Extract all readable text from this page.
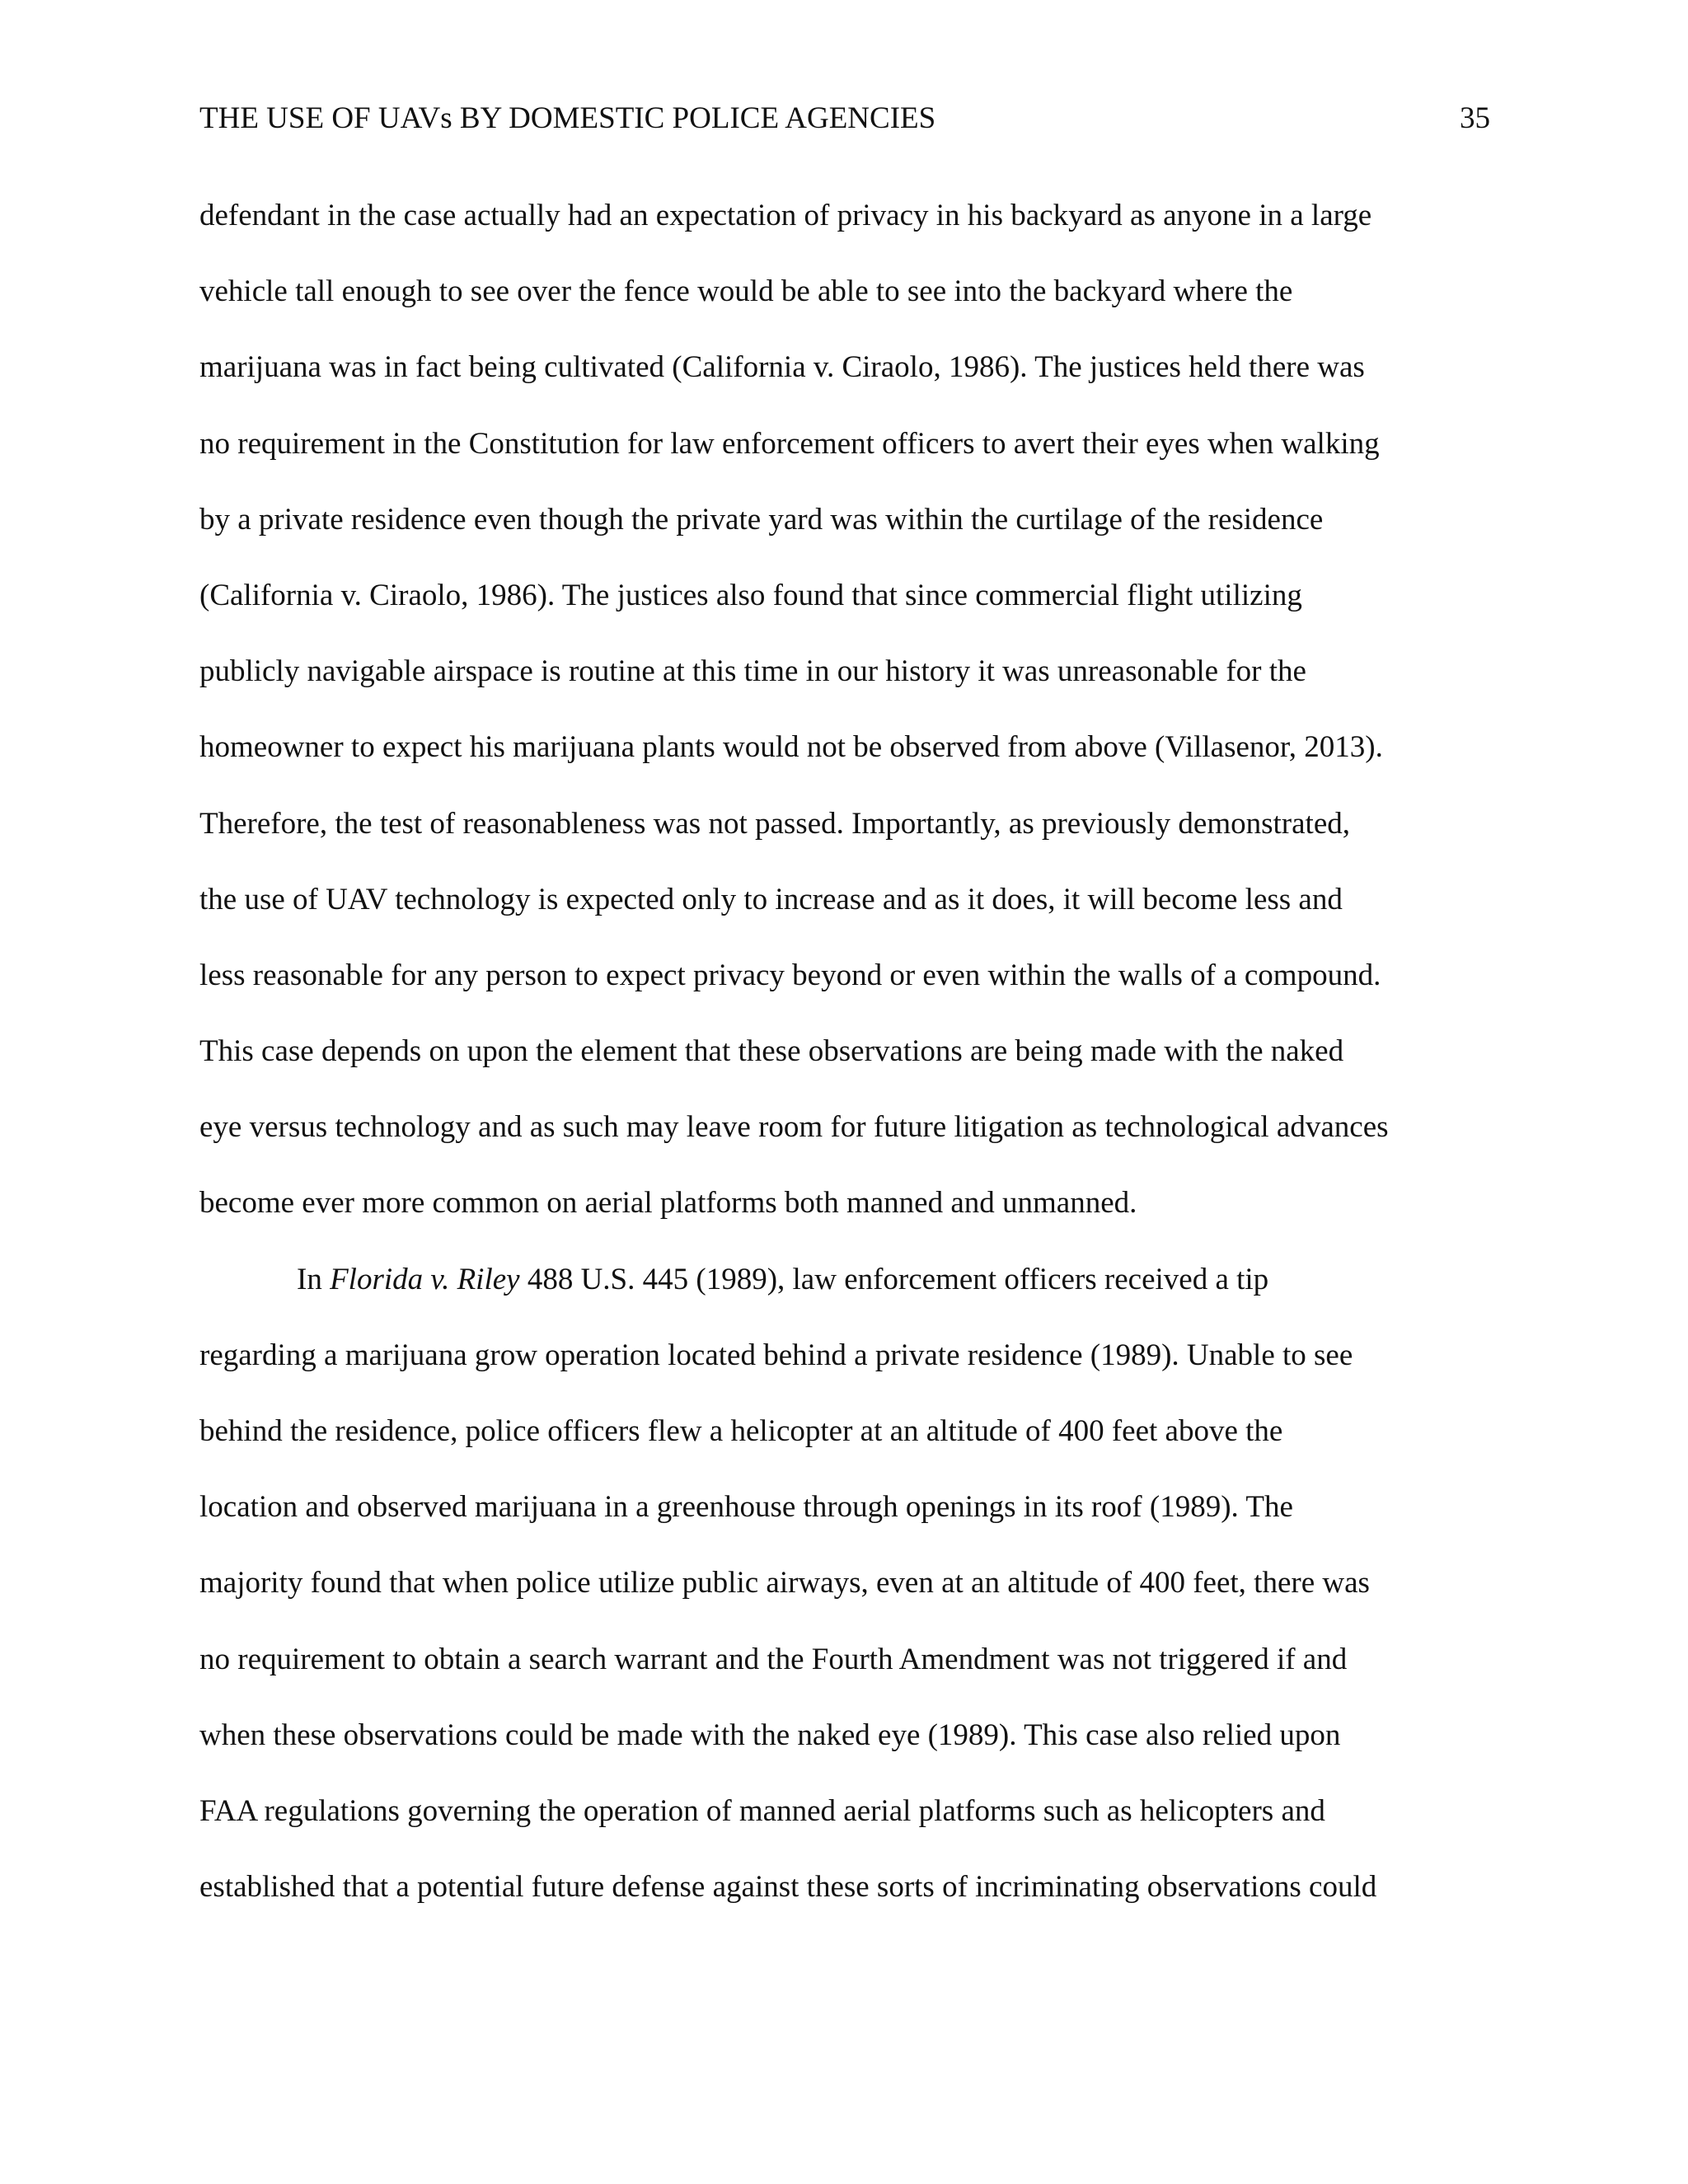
THE USE OF UAVs BY DOMESTIC POLICE AGENCIES	35
defendant in the case actually had an expectation of privacy in his backyard as anyone in a large
vehicle tall enough to see over the fence would be able to see into the backyard where the
marijuana was in fact being cultivated (California v. Ciraolo, 1986). The justices held there was
no requirement in the Constitution for law enforcement officers to avert their eyes when walking
by a private residence even though the private yard was within the curtilage of the residence
(California v. Ciraolo, 1986). The justices also found that since commercial flight utilizing
publicly navigable airspace is routine at this time in our history it was unreasonable for the
homeowner to expect his marijuana plants would not be observed from above (Villasenor, 2013).
Therefore, the test of reasonableness was not passed. Importantly, as previously demonstrated,
the use of UAV technology is expected only to increase and as it does, it will become less and
less reasonable for any person to expect privacy beyond or even within the walls of a compound.
This case depends on upon the element that these observations are being made with the naked
eye versus technology and as such may leave room for future litigation as technological advances
become ever more common on aerial platforms both manned and unmanned.
In Florida v. Riley 488 U.S. 445 (1989), law enforcement officers received a tip
regarding a marijuana grow operation located behind a private residence (1989). Unable to see
behind the residence, police officers flew a helicopter at an altitude of 400 feet above the
location and observed marijuana in a greenhouse through openings in its roof (1989). The
majority found that when police utilize public airways, even at an altitude of 400 feet, there was
no requirement to obtain a search warrant and the Fourth Amendment was not triggered if and
when these observations could be made with the naked eye (1989). This case also relied upon
FAA regulations governing the operation of manned aerial platforms such as helicopters and
established that a potential future defense against these sorts of incriminating observations could
